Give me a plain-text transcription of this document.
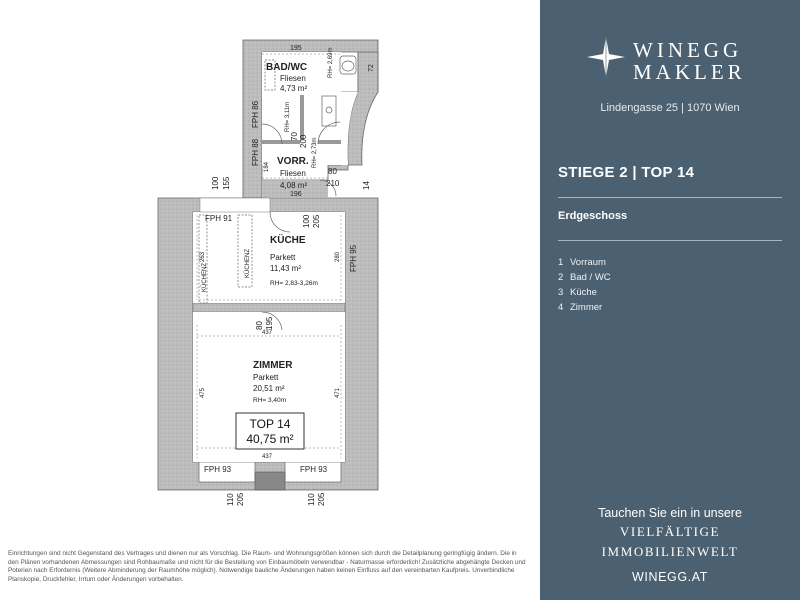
BAD/WC
Fliesen
4,73 m²
VORR.
Fliesen
4,08 m²
KÜCHE
Parkett
11,43 m²
RH= 2,83-3,26m
ZIMMER
Parkett
20,51 m²
RH= 3,40m
TOP 14
40,75 m²
FPH 91
FPH 93	FPH 93
FPH 86
FPH 88
FPH 95
KÜCHENZ
KÜCHENZ
RH= 3,11m
RH= 2,73m
RH= 2,69m
195
196
72
184
263	280
437
437
475	471
80
210	14
70 200
100 155
100 205
80 195
110 205	110 205
Einrichtungen sind nicht Gegenstand des Vertrages und dienen nur als Vorschlag. Die Raum- und Wohnungsgrößen können sich durch die Detailplanung geringfügig ändern. Die in den Plänen vorhandenen Abmessungen sind Rohbaumaße und nicht für die Bestellung von Einbaumöbeln verwendbar - Naturmasse erforderlich! Zusätzliche abgehängte Decken und Poterien nach Erfordernis (Weitere Abminderung der Raumhöhe möglich). Notwendige bauliche Änderungen haben keinen Einfluss auf den vereinbarten Kaufpreis. Unverbindliche Planskopie, Druckfehler, Irrtum oder Änderungen vorbehalten.
WINEGG
MAKLER
Lindengasse 25 | 1070 Wien
STIEGE 2 | TOP 14
Erdgeschoss
1 Vorraum
2 Bad / WC
3 Küche
4 Zimmer
Tauchen Sie ein in unsere
VIELFÄLTIGE
IMMOBILIENWELT
WINEGG.AT
